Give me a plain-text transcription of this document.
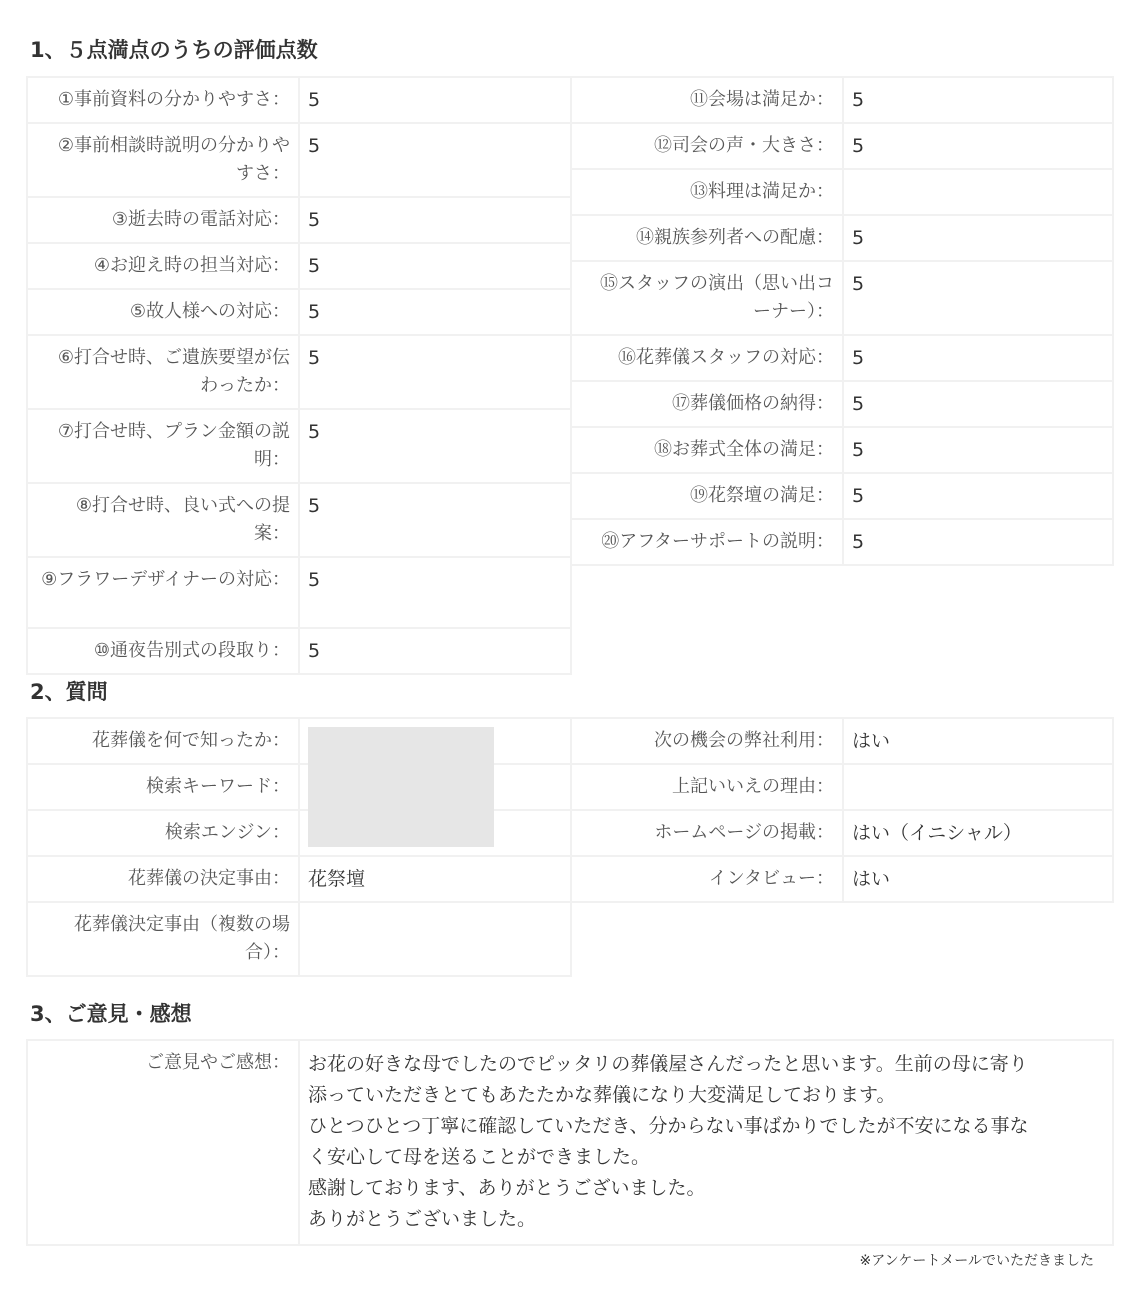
1、５点満点のうちの評価点数
①事前資料の分かりやすさ：	5
②事前相談時説明の分かりやすさ：	5
③逝去時の電話対応：	5
④お迎え時の担当対応：	5
⑤故人様への対応：	5
⑥打合せ時、ご遺族要望が伝わったか：	5
⑦打合せ時、プラン金額の説明：	5
⑧打合せ時、良い式への提案：	5
⑨フラワーデザイナーの対応：	5
⑩通夜告別式の段取り：	5
⑪会場は満足か：	5
⑫司会の声・大きさ：	5
⑬料理は満足か：	
⑭親族参列者への配慮：	5
⑮スタッフの演出（思い出コーナー）：	5
⑯花葬儀スタッフの対応：	5
⑰葬儀価格の納得：	5
⑱お葬式全体の満足：	5
⑲花祭壇の満足：	5
⑳アフターサポートの説明：	5
2、質問
花葬儀を何で知ったか：	

検索キーワード：	
検索エンジン：	
花葬儀の決定事由：	花祭壇
花葬儀決定事由（複数の場合）：	
次の機会の弊社利用：	はい
上記いいえの理由：	
ホームページの掲載：	はい（イニシャル）
インタビュー：	はい
3、ご意見・感想
ご意見やご感想：	お花の好きな母でしたのでピッタリの葬儀屋さんだったと思います。生前の母に寄り
添っていただきとてもあたたかな葬儀になり大変満足しております。
ひとつひとつ丁寧に確認していただき、分からない事ばかりでしたが不安になる事な
く安心して母を送ることができました。
感謝しております、ありがとうございました。
ありがとうございました。
※アンケートメールでいただきました
